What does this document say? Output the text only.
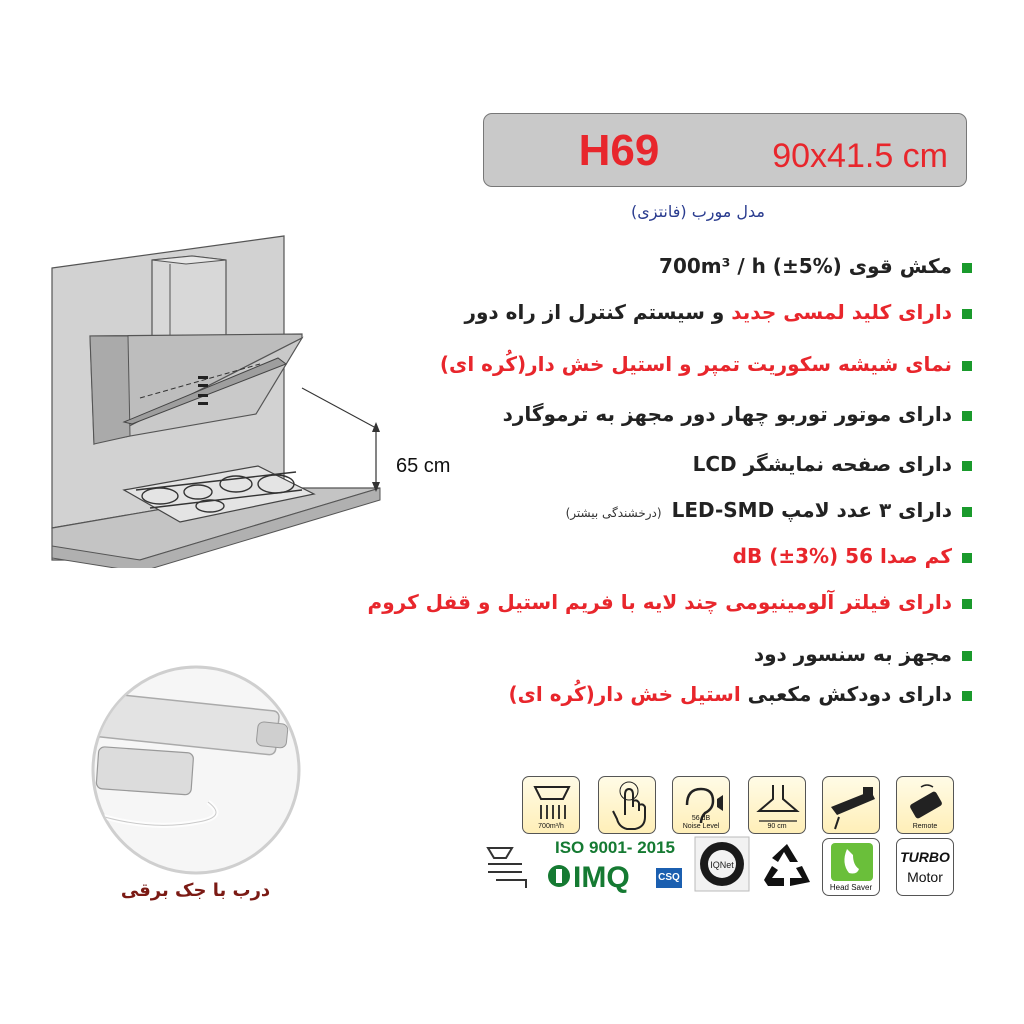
H69	90x41.5 cm
مدل مورب (فانتزی)
مکش قوی 700m³ / h (±5%)
دارای کلید لمسی جدید و سیستم کنترل از راه دور
نمای شیشه سکوریت تمپر و استیل خش دار(کُره ای)
دارای موتور توربو چهار دور مجهز به ترموگارد
دارای صفحه نمایشگر LCD
دارای ۳ عدد لامپ LED-SMD(درخشندگی بیشتر)
کم صدا 56 dB (±3%)
دارای فیلتر آلومینیومی چند لایه با فریم استیل و قفل کروم
مجهز به سنسور دود
دارای دودکش مکعبی استیل خش دار(کُره ای)
65 cm
درب با جک برقی
700m³/h
56 dB
Noise Level	90 cm	Remote
ISO 9001- 2015
IMQ	CSQ
IQNet
Head Saver
TURBO
Motor
